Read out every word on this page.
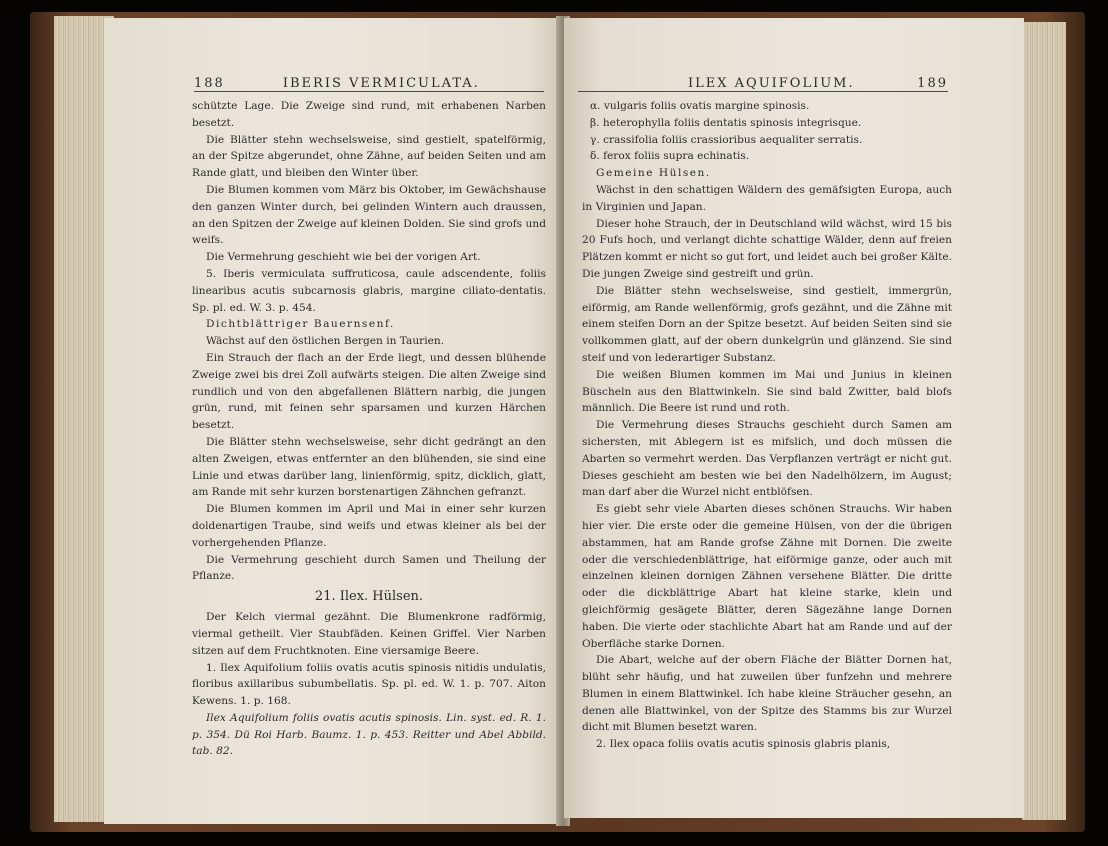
188	IBERIS VERMICULATA.

schützte Lage. Die Zweige sind rund, mit erhabenen Narben besetzt.

Die Blätter stehn wechselsweise, sind gestielt, spatelförmig, an der Spitze abgerundet, ohne Zähne, auf beiden Seiten und am Rande glatt, und bleiben den Winter über.

Die Blumen kommen vom März bis Oktober, im Gewächshause den ganzen Winter durch, bei gelinden Wintern auch draussen, an den Spitzen der Zweige auf kleinen Dolden. Sie sind grofs und weifs.

Die Vermehrung geschieht wie bei der vorigen Art.

5. Iberis vermiculata suffruticosa, caule adscendente, foliis linearibus acutis subcarnosis glabris, margine ciliato-dentatis. Sp. pl. ed. W. 3. p. 454.

Dichtblättriger Bauernsenf.

Wächst auf den östlichen Bergen in Taurien.

Ein Strauch der flach an der Erde liegt, und dessen blühende Zweige zwei bis drei Zoll aufwärts steigen. Die alten Zweige sind rundlich und von den abgefallenen Blättern narbig, die jungen grün, rund, mit feinen sehr sparsamen und kurzen Härchen besetzt.

Die Blätter stehn wechselsweise, sehr dicht gedrängt an den alten Zweigen, etwas entfernter an den blühenden, sie sind eine Linie und etwas darüber lang, linienförmig, spitz, dicklich, glatt, am Rande mit sehr kurzen borstenartigen Zähnchen gefranzt.

Die Blumen kommen im April und Mai in einer sehr kurzen doldenartigen Traube, sind weifs und etwas kleiner als bei der vorhergehenden Pflanze.

Die Vermehrung geschieht durch Samen und Theilung der Pflanze.

21. Ilex. Hülsen.

Der Kelch viermal gezähnt. Die Blumenkrone radförmig, viermal getheilt. Vier Staubfäden. Keinen Griffel. Vier Narben sitzen auf dem Fruchtknoten. Eine viersamige Beere.

1. Ilex Aquifolium foliis ovatis acutis spinosis nitidis undulatis, floribus axillaribus subumbellatis. Sp. pl. ed. W. 1. p. 707. Aiton Kewens. 1. p. 168.

Ilex Aquifolium foliis ovatis acutis spinosis. Lin. syst. ed. R. 1. p. 354. Dü Roi Harb. Baumz. 1. p. 453. Reitter und Abel Abbild. tab. 82.

ILEX AQUIFOLIUM.	189

α. vulgaris foliis ovatis margine spinosis.

β. heterophylla foliis dentatis spinosis integrisque.

γ. crassifolia foliis crassioribus aequaliter serratis.

δ. ferox foliis supra echinatis.

Gemeine Hülsen.

Wächst in den schattigen Wäldern des gemäfsigten Europa, auch in Virginien und Japan.

Dieser hohe Strauch, der in Deutschland wild wächst, wird 15 bis 20 Fufs hoch, und verlangt dichte schattige Wälder, denn auf freien Plätzen kommt er nicht so gut fort, und leidet auch bei großer Kälte. Die jungen Zweige sind gestreift und grün.

Die Blätter stehn wechselsweise, sind gestielt, immergrün, eiförmig, am Rande wellenförmig, grofs gezähnt, und die Zähne mit einem steifen Dorn an der Spitze besetzt. Auf beiden Seiten sind sie vollkommen glatt, auf der obern dunkelgrün und glänzend. Sie sind steif und von lederartiger Substanz.

Die weißen Blumen kommen im Mai und Junius in kleinen Büscheln aus den Blattwinkeln. Sie sind bald Zwitter, bald blofs männlich. Die Beere ist rund und roth.

Die Vermehrung dieses Strauchs geschieht durch Samen am sichersten, mit Ablegern ist es mifslich, und doch müssen die Abarten so vermehrt werden. Das Verpflanzen verträgt er nicht gut. Dieses geschieht am besten wie bei den Nadelhölzern, im August; man darf aber die Wurzel nicht entblöfsen.

Es giebt sehr viele Abarten dieses schönen Strauchs. Wir haben hier vier. Die erste oder die gemeine Hülsen, von der die übrigen abstammen, hat am Rande grofse Zähne mit Dornen. Die zweite oder die verschiedenblättrige, hat eiförmige ganze, oder auch mit einzelnen kleinen dornigen Zähnen versehene Blätter. Die dritte oder die dickblättrige Abart hat kleine starke, klein und gleichförmig gesägete Blätter, deren Sägezähne lange Dornen haben. Die vierte oder stachlichte Abart hat am Rande und auf der Oberfläche starke Dornen.

Die Abart, welche auf der obern Fläche der Blätter Dornen hat, blüht sehr häufig, und hat zuweilen über funfzehn und mehrere Blumen in einem Blattwinkel. Ich habe kleine Sträucher gesehn, an denen alle Blattwinkel, von der Spitze des Stamms bis zur Wurzel dicht mit Blumen besetzt waren.

2. Ilex opaca foliis ovatis acutis spinosis glabris planis,
